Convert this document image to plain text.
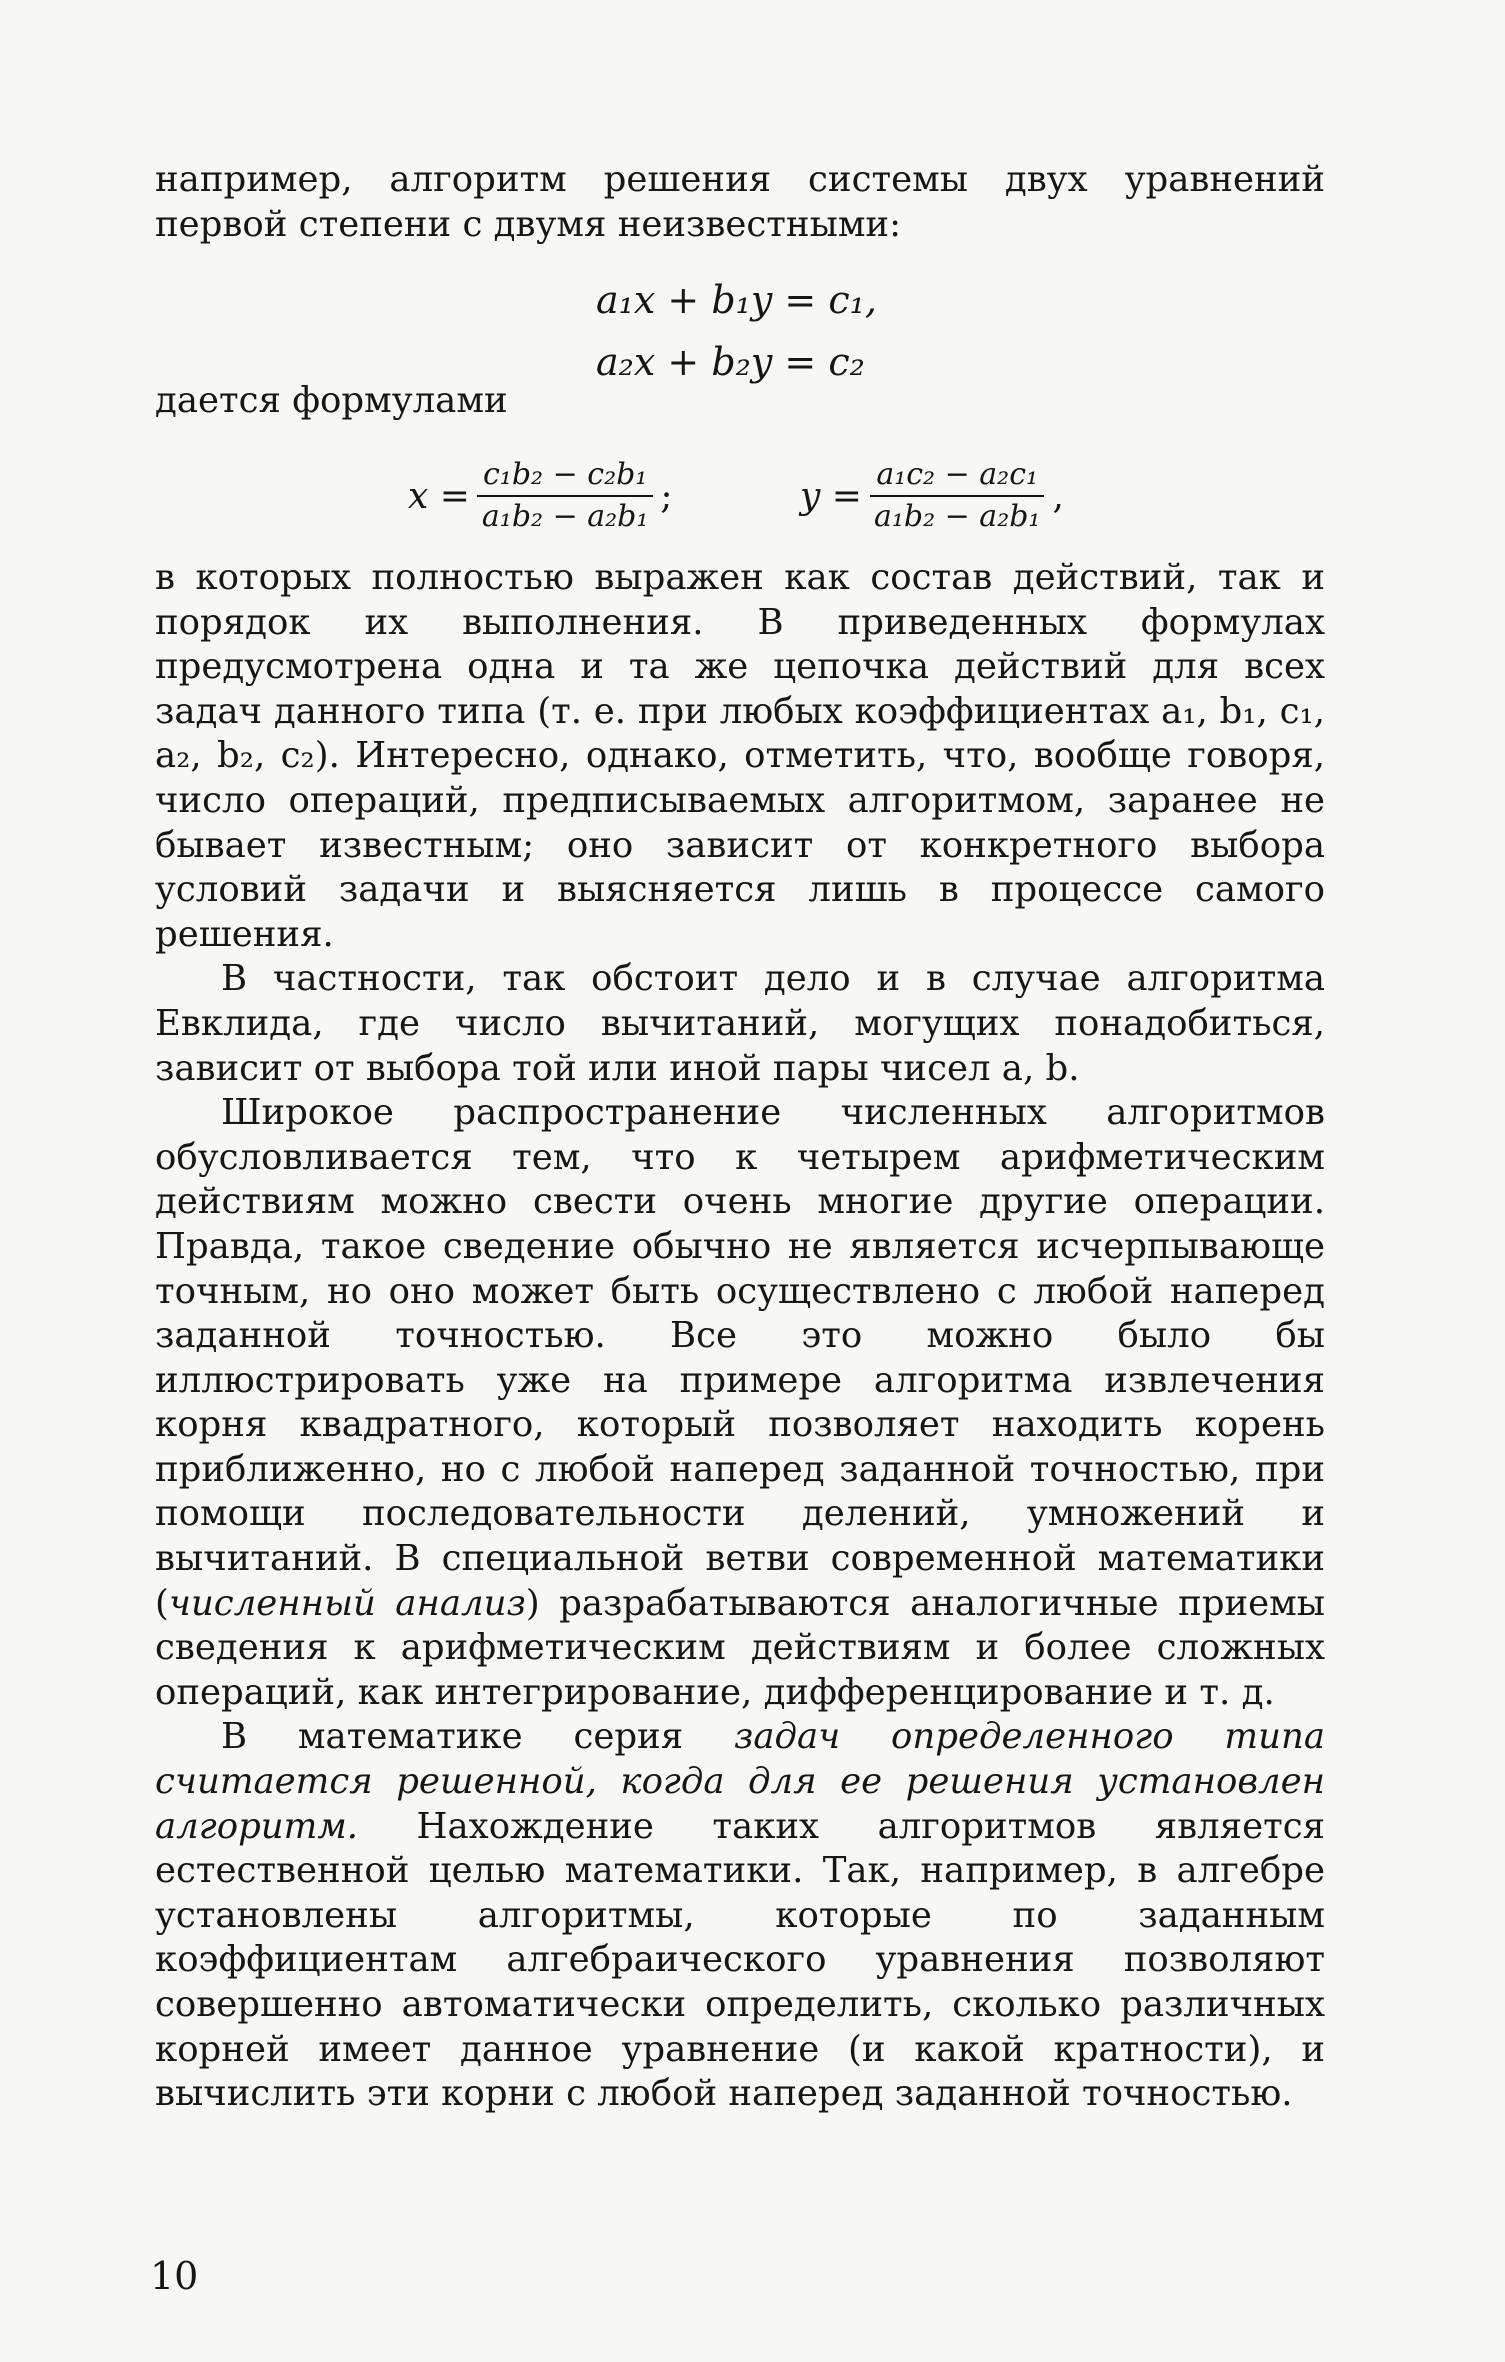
например, алгоритм решения системы двух уравнений первой степени с двумя неизвестными:

a₁x + b₁y = c₁,
a₂x + b₂y = c₂
дается формулами
$x = \frac{\text{c₁b₂ − c₂b₁}}{\text{a₁b₂ − a₂b₁}}$ ;	$y = \frac{\text{a₁c₂ − a₂c₁}}{\text{a₁b₂ − a₂b₁}}$ ,

в которых полностью выражен как состав действий, так и порядок их выполнения. В приведенных формулах предусмотрена одна и та же цепочка действий для всех задач данного типа (т. е. при любых коэффициентах a₁, b₁, c₁, a₂, b₂, c₂). Интересно, однако, отметить, что, вообще говоря, число операций, предписываемых алгоритмом, заранее не бывает известным; оно зависит от конкретного выбора условий задачи и выясняется лишь в процессе самого решения.

В частности, так обстоит дело и в случае алгоритма Евклида, где число вычитаний, могущих понадобиться, зависит от выбора той или иной пары чисел a, b.

Широкое распространение численных алгоритмов обусловливается тем, что к четырем арифметическим действиям можно свести очень многие другие операции. Правда, такое сведение обычно не является исчерпывающе точным, но оно может быть осуществлено с любой наперед заданной точностью. Все это можно было бы иллюстрировать уже на примере алгоритма извлечения корня квадратного, который позволяет находить корень приближенно, но с любой наперед заданной точностью, при помощи последовательности делений, умножений и вычитаний. В специальной ветви современной математики (численный анализ) разрабатываются аналогичные приемы сведения к арифметическим действиям и более сложных операций, как интегрирование, дифференцирование и т. д.

В математике серия задач определенного типа считается решенной, когда для ее решения установлен алгоритм. Нахождение таких алгоритмов является естественной целью математики. Так, например, в алгебре установлены алгоритмы, которые по заданным коэффициентам алгебраического уравнения позволяют совершенно автоматически определить, сколько различных корней имеет данное уравнение (и какой кратности), и вычислить эти корни с любой наперед заданной точностью.

10
